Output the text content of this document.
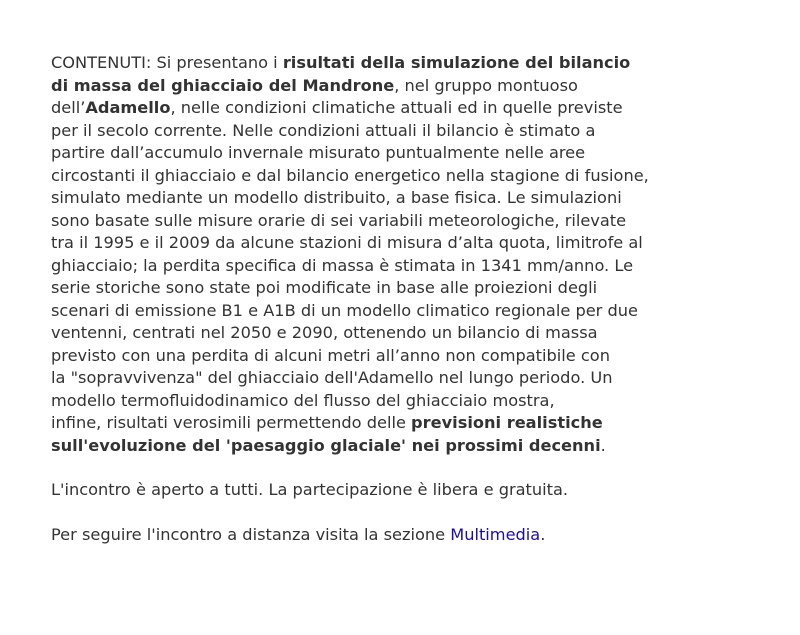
CONTENUTI: Si presentano i risultati della simulazione del bilancio
di massa del ghiacciaio del Mandrone, nel gruppo montuoso
dell’Adamello, nelle condizioni climatiche attuali ed in quelle previste
per il secolo corrente. Nelle condizioni attuali il bilancio è stimato a
partire dall’accumulo invernale misurato puntualmente nelle aree
circostanti il ghiacciaio e dal bilancio energetico nella stagione di fusione,
simulato mediante un modello distribuito, a base fisica. Le simulazioni
sono basate sulle misure orarie di sei variabili meteorologiche, rilevate
tra il 1995 e il 2009 da alcune stazioni di misura d’alta quota, limitrofe al
ghiacciaio; la perdita specifica di massa è stimata in 1341 mm/anno. Le
serie storiche sono state poi modificate in base alle proiezioni degli
scenari di emissione B1 e A1B di un modello climatico regionale per due
ventenni, centrati nel 2050 e 2090, ottenendo un bilancio di massa
previsto con una perdita di alcuni metri all’anno non compatibile con
la "sopravvivenza" del ghiacciaio dell'Adamello nel lungo periodo. Un
modello termofluidodinamico del flusso del ghiacciaio mostra,
infine, risultati verosimili permettendo delle previsioni realistiche
sull'evoluzione del 'paesaggio glaciale' nei prossimi decenni.

L'incontro è aperto a tutti. La partecipazione è libera e gratuita.

Per seguire l'incontro a distanza visita la sezione Multimedia.
